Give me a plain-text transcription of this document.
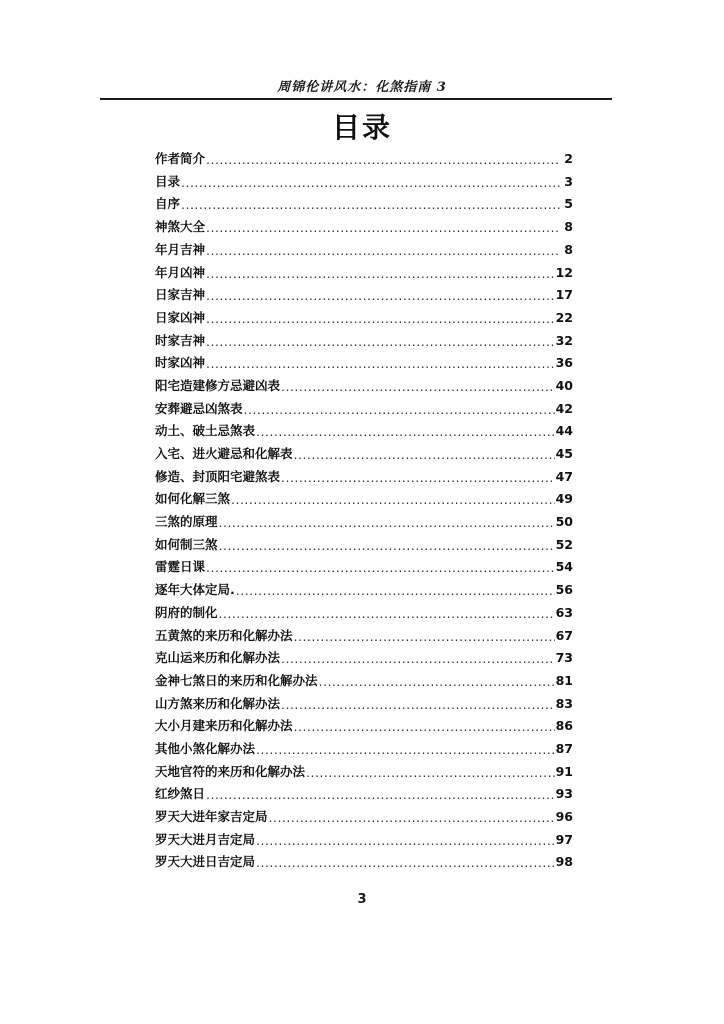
周锦伦讲风水：化煞指南 3
目录
作者简介 .....	2
目录 .....	3
自序 .....	5
神煞大全 .....	8
年月吉神 .....	8
年月凶神 .....	12
日家吉神 .....	17
日家凶神 .....	22
时家吉神 .....	32
时家凶神 .....	36
阳宅造建修方忌避凶表 .....	40
安葬避忌凶煞表 .....	42
动土、破土忌煞表 .....	44
入宅、进火避忌和化解表 .....	45
修造、封顶阳宅避煞表 .....	47
如何化解三煞 .....	49
三煞的原理 .....	50
如何制三煞 .....	52
雷霆日课 .....	54
逐年大体定局. .....	56
阴府的制化 .....	63
五黄煞的来历和化解办法 .....	67
克山运来历和化解办法 .....	73
金神七煞日的来历和化解办法 .....	81
山方煞来历和化解办法 .....	83
大小月建来历和化解办法 .....	86
其他小煞化解办法 .....	87
天地官符的来历和化解办法 .....	91
红纱煞日 .....	93
罗天大进年家吉定局 .....	96
罗天大进月吉定局 .....	97
罗天大进日吉定局 .....	98
3
